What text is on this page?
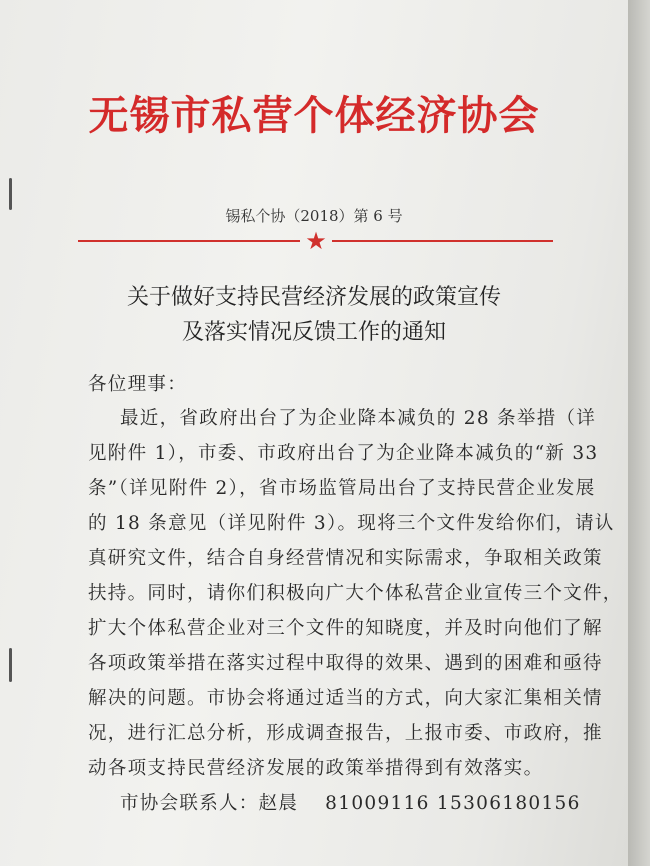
无锡市私营个体经济协会
锡私个协（2018）第 6 号
★
关于做好支持民营经济发展的政策宣传
及落实情况反馈工作的通知
各位理事：
最近，省政府出台了为企业降本减负的 28 条举措（详
见附件 1），市委、市政府出台了为企业降本减负的“新 33
条”（详见附件 2），省市场监管局出台了支持民营企业发展
的 18 条意见（详见附件 3）。现将三个文件发给你们，请认
真研究文件，结合自身经营情况和实际需求，争取相关政策
扶持。同时，请你们积极向广大个体私营企业宣传三个文件，
扩大个体私营企业对三个文件的知晓度，并及时向他们了解
各项政策举措在落实过程中取得的效果、遇到的困难和亟待
解决的问题。市协会将通过适当的方式，向大家汇集相关情
况，进行汇总分析，形成调查报告，上报市委、市政府，推
动各项支持民营经济发展的政策举措得到有效落实。
市协会联系人：赵晨　 81009116 15306180156
